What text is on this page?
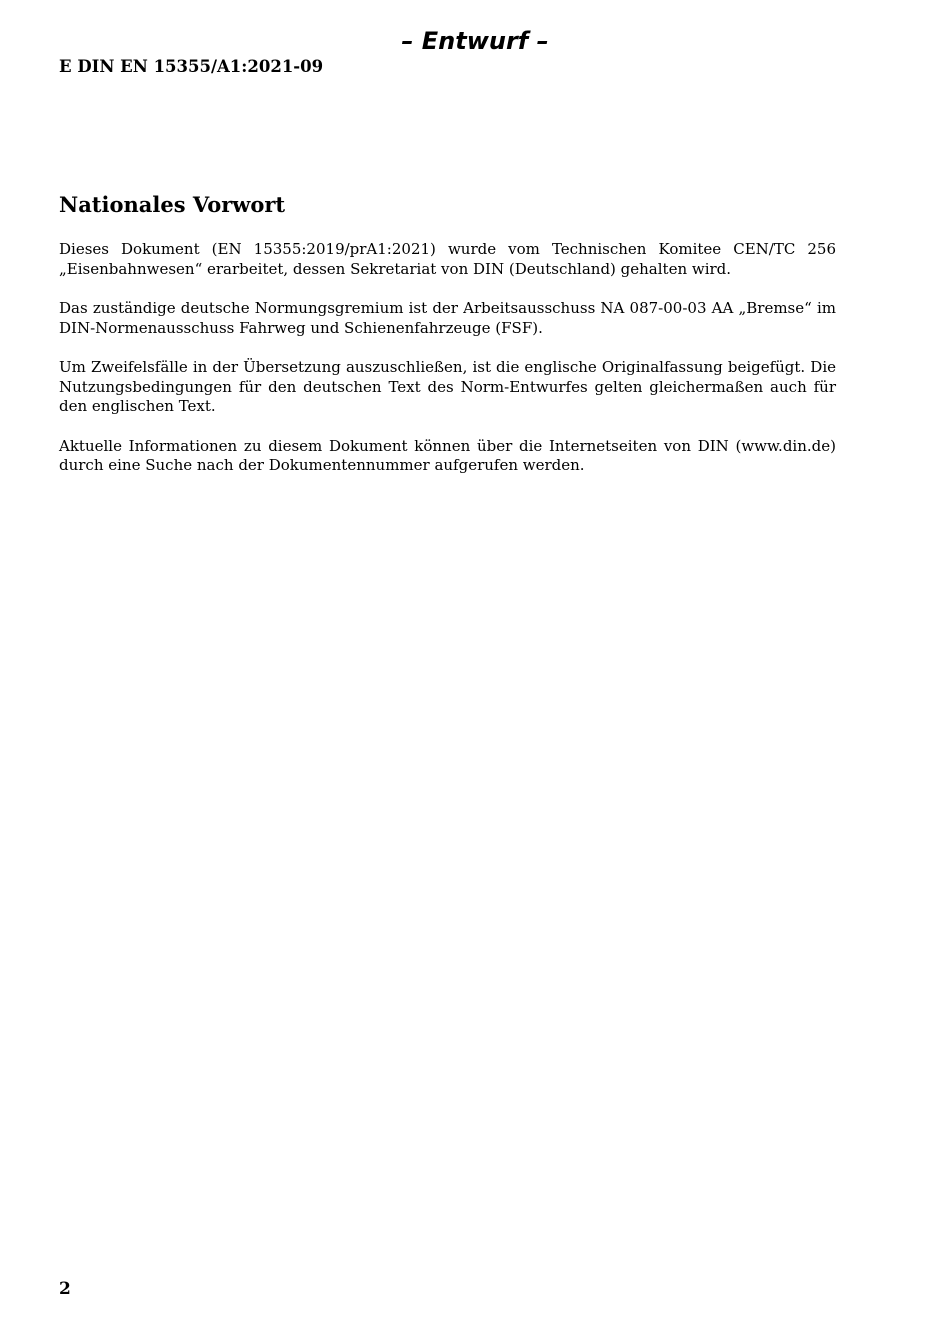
– Entwurf –
E DIN EN 15355/A1:2021-09
Nationales Vorwort

Dieses Dokument (EN 15355:2019/prA1:2021) wurde vom Technischen Komitee CEN/TC 256 „Eisenbahnwesen“ erarbeitet, dessen Sekretariat von DIN (Deutschland) gehalten wird.

Das zuständige deutsche Normungsgremium ist der Arbeitsausschuss NA 087-00-03 AA „Bremse“ im DIN-Normenausschuss Fahrweg und Schienenfahrzeuge (FSF).

Um Zweifelsfälle in der Übersetzung auszuschließen, ist die englische Originalfassung beigefügt. Die Nutzungsbedingungen für den deutschen Text des Norm-Entwurfes gelten gleichermaßen auch für den englischen Text.

Aktuelle Informationen zu diesem Dokument können über die Internetseiten von DIN (www.din.de) durch eine Suche nach der Dokumentennummer aufgerufen werden.

2
